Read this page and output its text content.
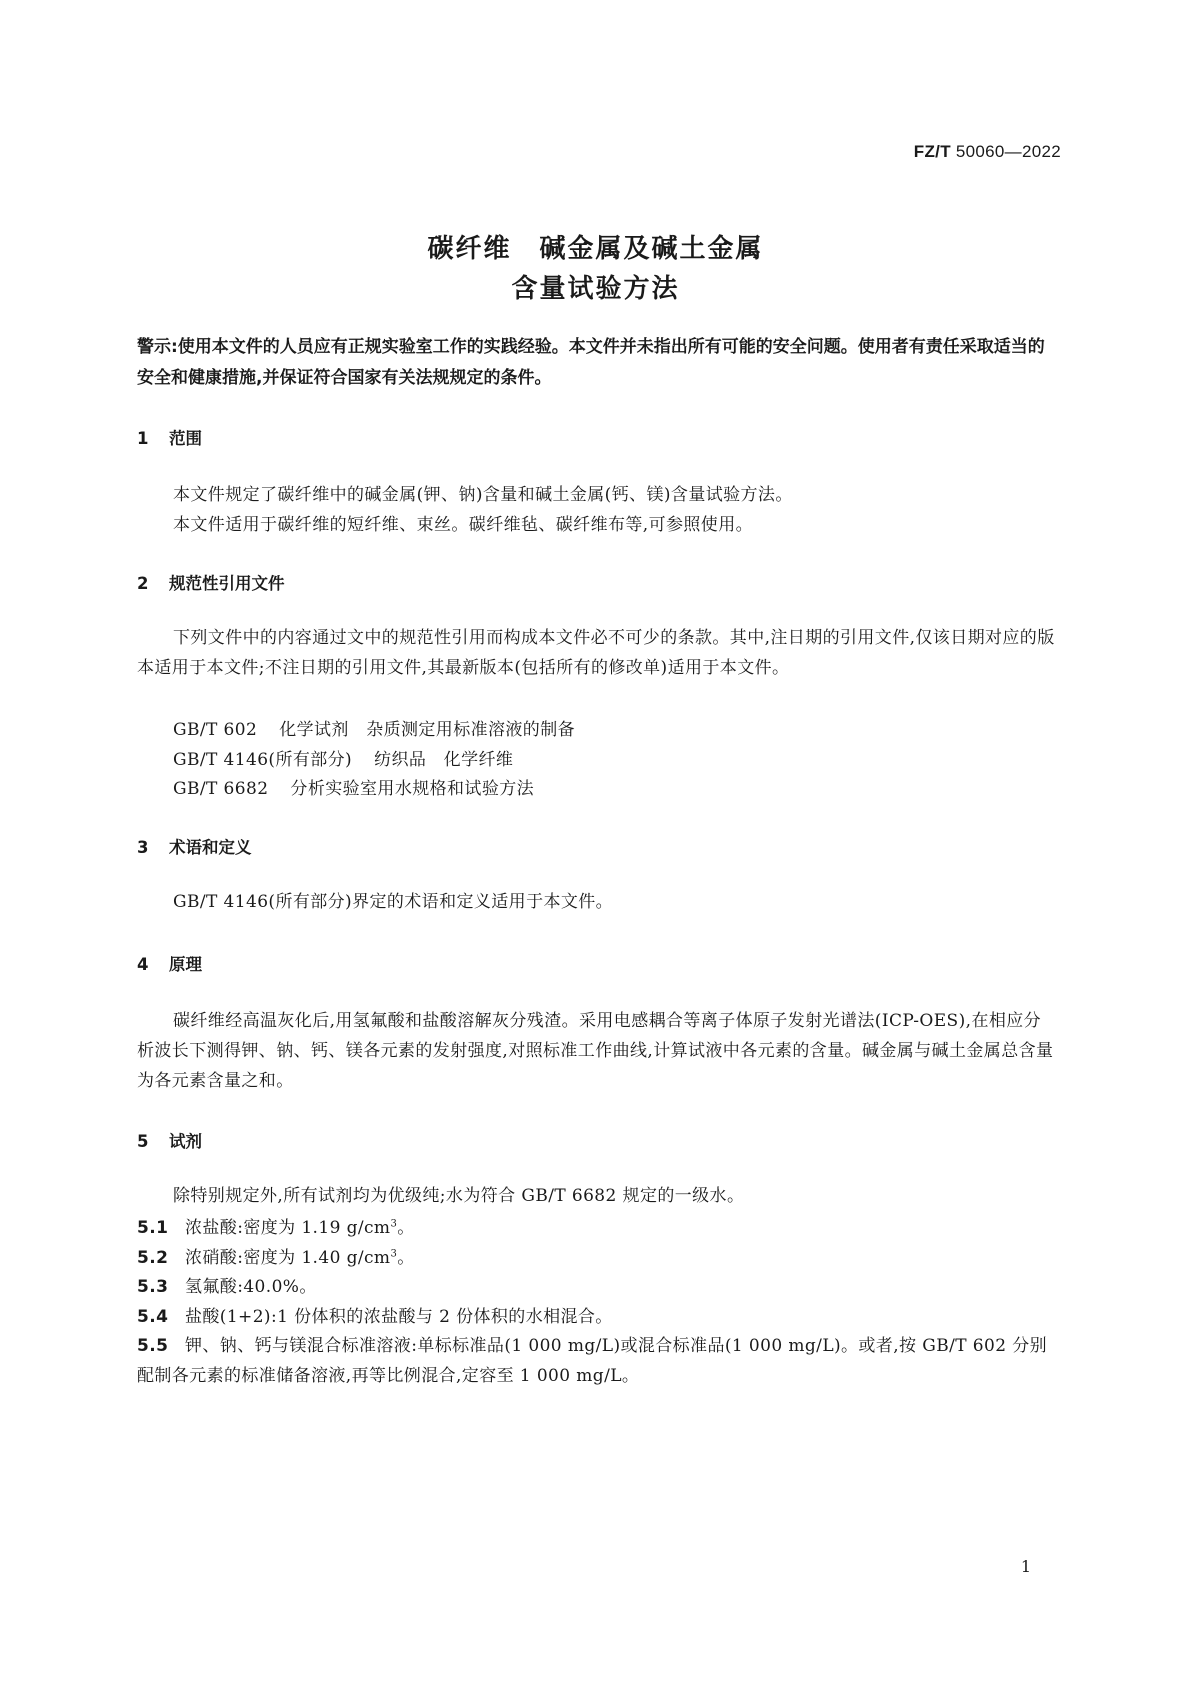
FZ/T 50060—2022
碳纤维　碱金属及碱土金属
含量试验方法
警示:使用本文件的人员应有正规实验室工作的实践经验。本文件并未指出所有可能的安全问题。使用者有责任采取适当的安全和健康措施,并保证符合国家有关法规规定的条件。
1 范围
本文件规定了碳纤维中的碱金属(钾、钠)含量和碱土金属(钙、镁)含量试验方法。
本文件适用于碳纤维的短纤维、束丝。碳纤维毡、碳纤维布等,可参照使用。
2 规范性引用文件
下列文件中的内容通过文中的规范性引用而构成本文件必不可少的条款。其中,注日期的引用文件,仅该日期对应的版本适用于本文件;不注日期的引用文件,其最新版本(包括所有的修改单)适用于本文件。
GB/T 602 化学试剂　杂质测定用标准溶液的制备
GB/T 4146(所有部分) 纺织品　化学纤维
GB/T 6682 分析实验室用水规格和试验方法
3 术语和定义
GB/T 4146(所有部分)界定的术语和定义适用于本文件。
4 原理
碳纤维经高温灰化后,用氢氟酸和盐酸溶解灰分残渣。采用电感耦合等离子体原子发射光谱法(ICP-OES),在相应分析波长下测得钾、钠、钙、镁各元素的发射强度,对照标准工作曲线,计算试液中各元素的含量。碱金属与碱土金属总含量为各元素含量之和。
5 试剂
除特别规定外,所有试剂均为优级纯;水为符合 GB/T 6682 规定的一级水。
5.1 浓盐酸:密度为 1.19 $g/cm^3$。
5.2 浓硝酸:密度为 1.40 $g/cm^3$。
5.3 氢氟酸:40.0%。
5.4 盐酸(1+2):1 份体积的浓盐酸与 2 份体积的水相混合。
5.5 钾、钠、钙与镁混合标准溶液:单标标准品(1 000 mg/L)或混合标准品(1 000 mg/L)。或者,按 GB/T 602 分别配制各元素的标准储备溶液,再等比例混合,定容至 1 000 mg/L。
1
